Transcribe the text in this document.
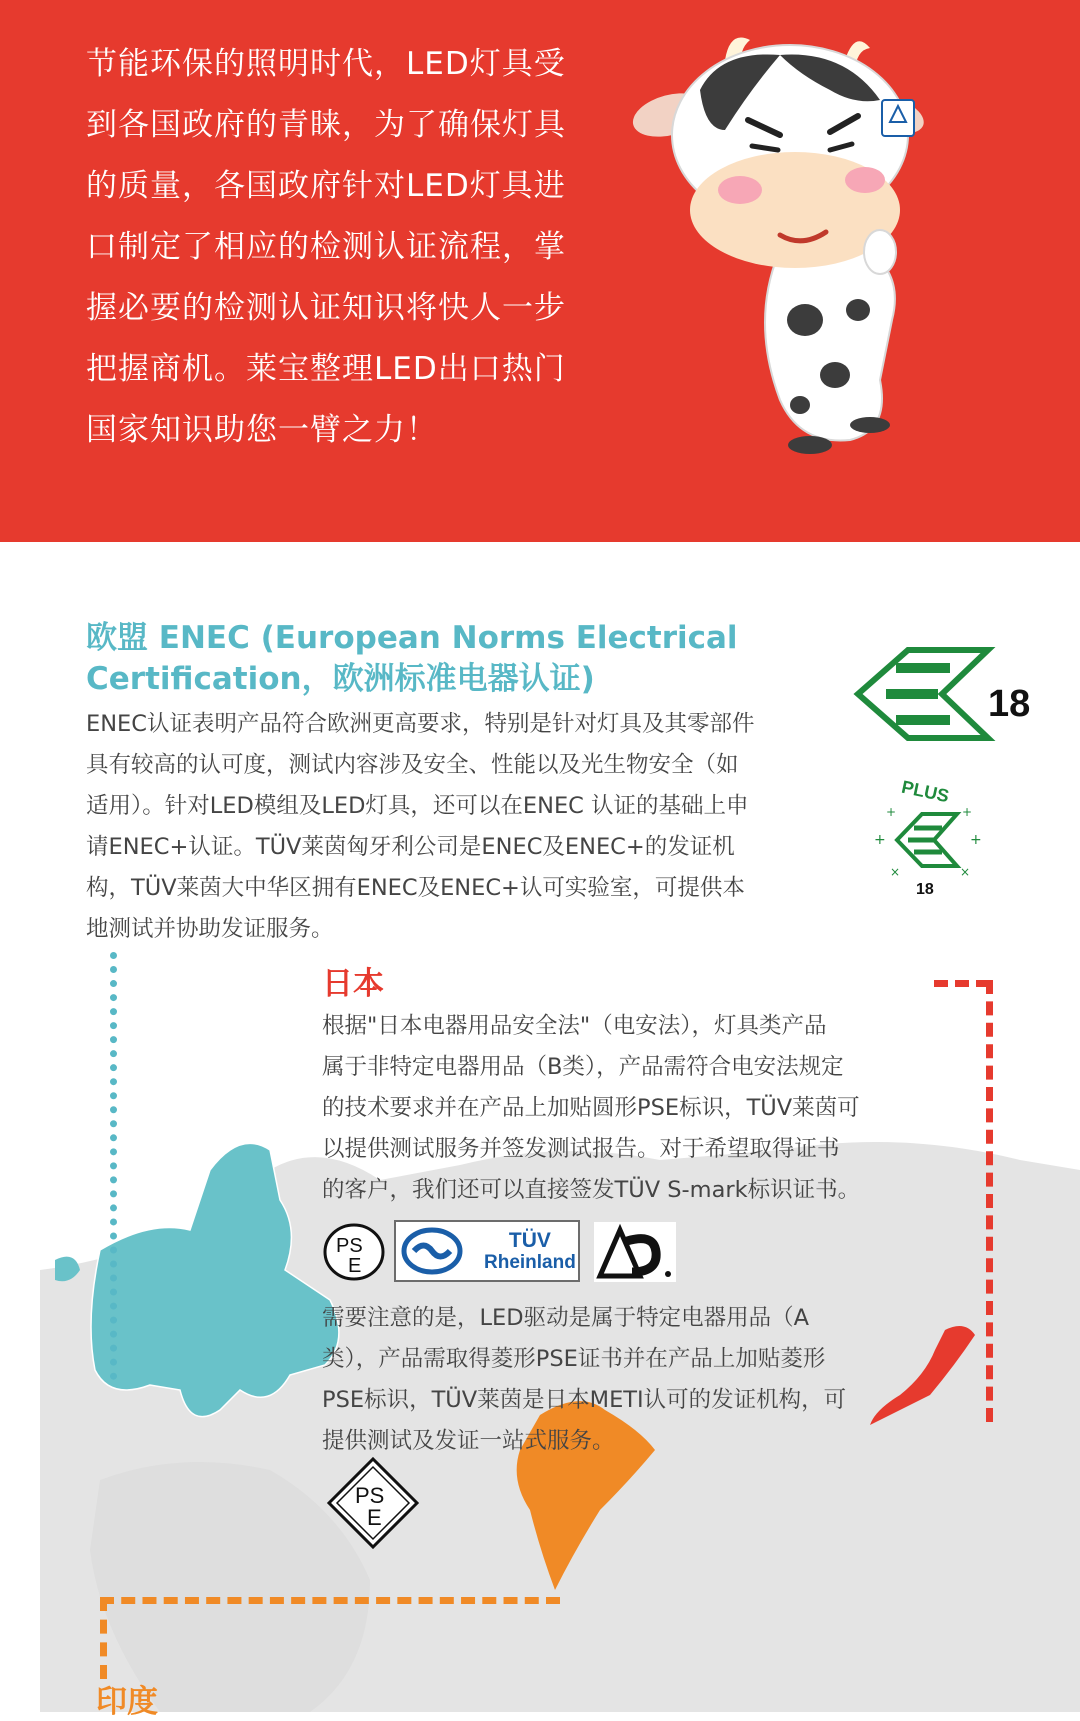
节能环保的照明时代，LED灯具受
到各国政府的青睐，为了确保灯具
的质量，各国政府针对LED灯具进
口制定了相应的检测认证流程，掌
握必要的检测认证知识将快人一步
把握商机。莱宝整理LED出口热门
国家知识助您一臂之力！

欧盟 ENEC (European Norms Electrical
Certification，欧洲标准电器认证)

ENEC认证表明产品符合欧洲更高要求，特别是针对灯具及其零部件
具有较高的认可度，测试内容涉及安全、性能以及光生物安全（如
适用）。针对LED模组及LED灯具，还可以在ENEC 认证的基础上申
请ENEC+认证。TÜV莱茵匈牙利公司是ENEC及ENEC+的发证机
构，TÜV莱茵大中华区拥有ENEC及ENEC+认可实验室，可提供本
地测试并协助发证服务。

18
PLUS
+	+
+	+
×	×
18
日本

根据"日本电器用品安全法"（电安法），灯具类产品
属于非特定电器用品（B类），产品需符合电安法规定
的技术要求并在产品上加贴圆形PSE标识，TÜV莱茵可
以提供测试服务并签发测试报告。对于希望取得证书
的客户，我们还可以直接签发TÜV S-mark标识证书。

PS
E
TÜV
Rheinland

需要注意的是，LED驱动是属于特定电器用品（A
类），产品需取得菱形PSE证书并在产品上加贴菱形
PSE标识，TÜV莱茵是日本METI认可的发证机构，可
提供测试及发证一站式服务。

PS
E
印度
